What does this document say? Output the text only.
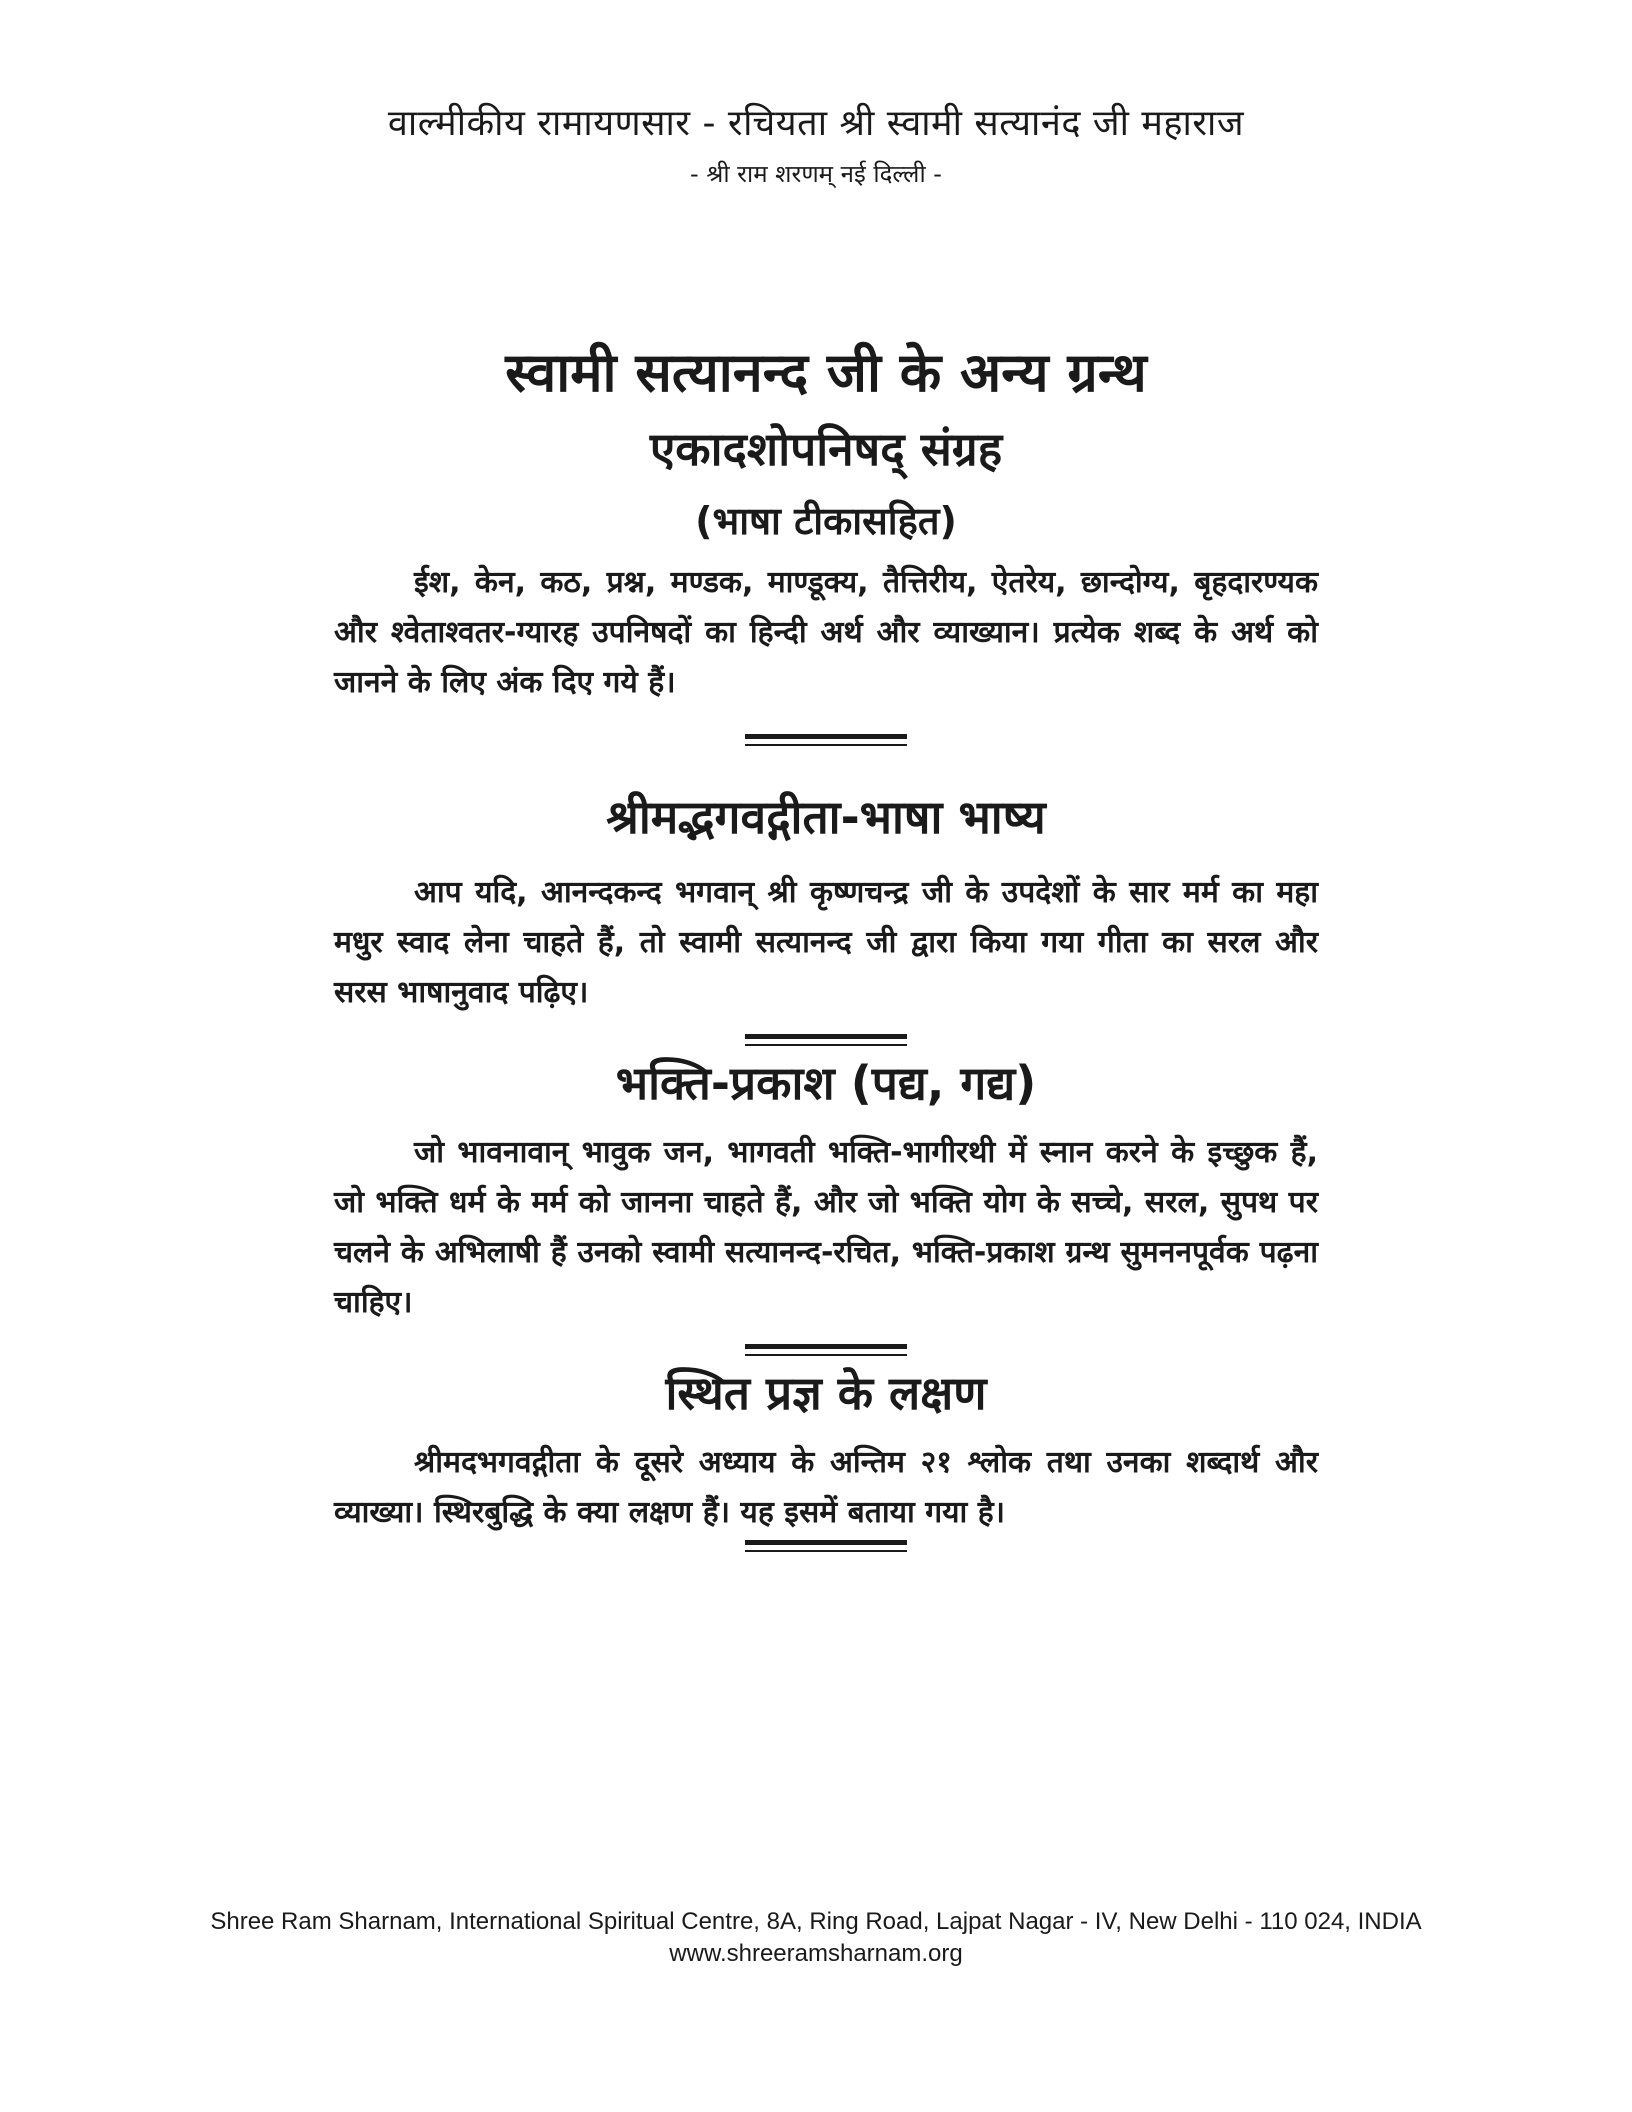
वाल्मीकीय रामायणसार - रचियता श्री स्वामी सत्यानंद जी महाराज
- श्री राम शरणम् नई दिल्ली -
स्वामी सत्यानन्द जी के अन्य ग्रन्थ
एकादशोपनिषद् संग्रह
(भाषा टीकासहित)

ईश, केन, कठ, प्रश्न, मण्डक, माण्डूक्य, तैत्तिरीय, ऐतरेय, छान्दोग्य, बृहदारण्यक और श्वेताश्वतर-ग्यारह उपनिषदों का हिन्दी अर्थ और व्याख्यान। प्रत्येक शब्द के अर्थ को जानने के लिए अंक दिए गये हैं।

श्रीमद्भगवद्गीता-भाषा भाष्य

आप यदि, आनन्दकन्द भगवान् श्री कृष्णचन्द्र जी के उपदेशों के सार मर्म का महा मधुर स्वाद लेना चाहते हैं, तो स्वामी सत्यानन्द जी द्वारा किया गया गीता का सरल और सरस भाषानुवाद पढ़िए।

भक्ति-प्रकाश (पद्य, गद्य)

जो भावनावान् भावुक जन, भागवती भक्ति-भागीरथी में स्नान करने के इच्छुक हैं, जो भक्ति धर्म के मर्म को जानना चाहते हैं, और जो भक्ति योग के सच्चे, सरल, सुपथ पर चलने के अभिलाषी हैं उनको स्वामी सत्यानन्द-रचित, भक्ति-प्रकाश ग्रन्थ सुमननपूर्वक पढ़ना चाहिए।

स्थित प्रज्ञ के लक्षण

श्रीमदभगवद्गीता के दूसरे अध्याय के अन्तिम २१ श्लोक तथा उनका शब्दार्थ और व्याख्या। स्थिरबुद्धि के क्या लक्षण हैं। यह इसमें बताया गया है।

Shree Ram Sharnam, International Spiritual Centre, 8A, Ring Road, Lajpat Nagar - IV, New Delhi - 110 024, INDIA
www.shreeramsharnam.org
